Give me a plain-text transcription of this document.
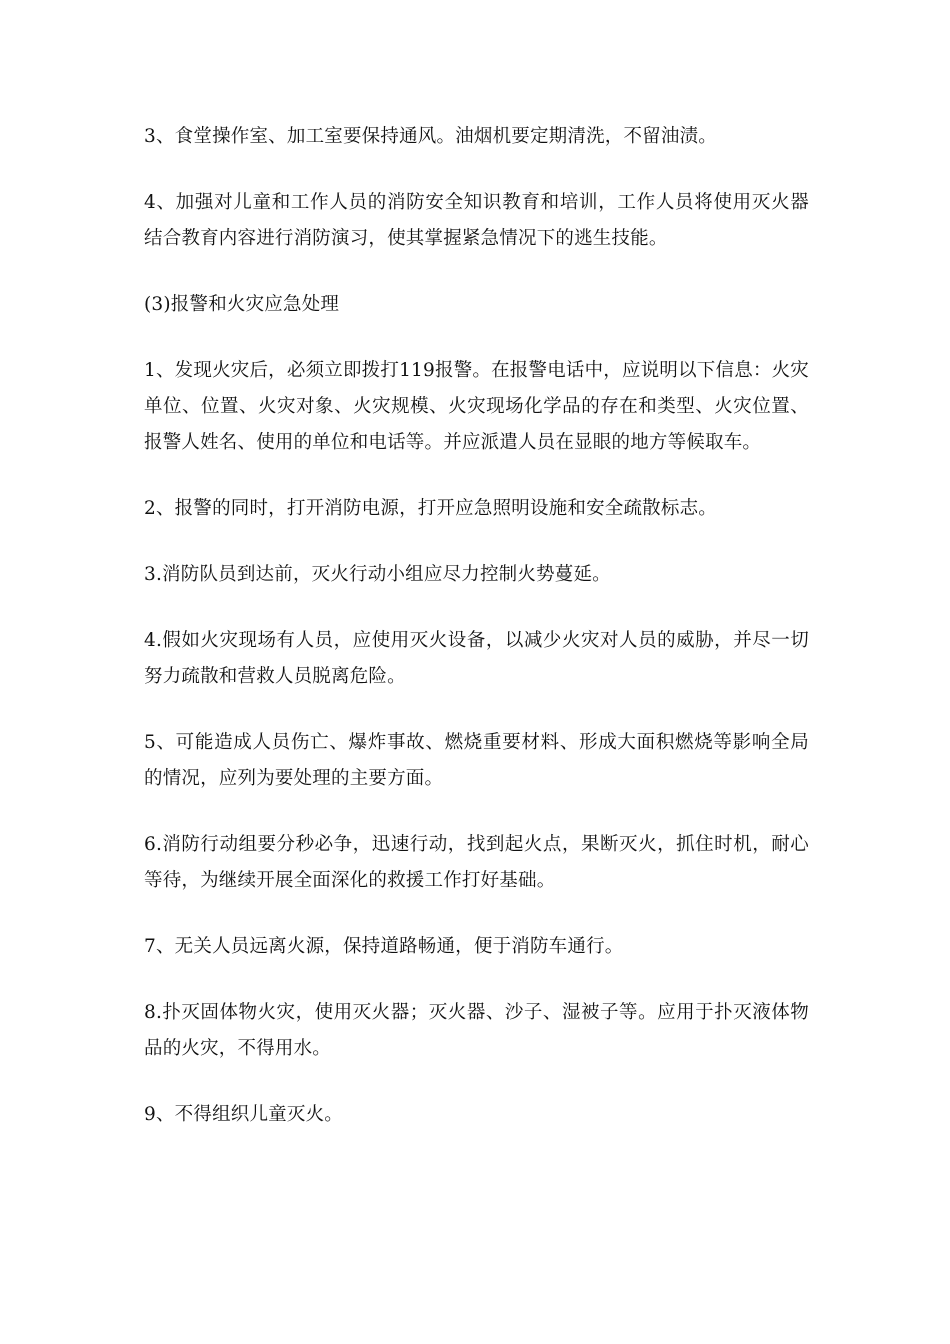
3、食堂操作室、加工室要保持通风。油烟机要定期清洗，不留油渍。

4、加强对儿童和工作人员的消防安全知识教育和培训，工作人员将使用灭火器结合教育内容进行消防演习，使其掌握紧急情况下的逃生技能。

(3)报警和火灾应急处理

1、发现火灾后，必须立即拨打119报警。在报警电话中，应说明以下信息：火灾单位、位置、火灾对象、火灾规模、火灾现场化学品的存在和类型、火灾位置、报警人姓名、使用的单位和电话等。并应派遣人员在显眼的地方等候取车。

2、报警的同时，打开消防电源，打开应急照明设施和安全疏散标志。

3.消防队员到达前，灭火行动小组应尽力控制火势蔓延。

4.假如火灾现场有人员，应使用灭火设备，以减少火灾对人员的威胁，并尽一切努力疏散和营救人员脱离危险。

5、可能造成人员伤亡、爆炸事故、燃烧重要材料、形成大面积燃烧等影响全局的情况，应列为要处理的主要方面。

6.消防行动组要分秒必争，迅速行动，找到起火点，果断灭火，抓住时机，耐心等待，为继续开展全面深化的救援工作打好基础。

7、无关人员远离火源，保持道路畅通，便于消防车通行。

8.扑灭固体物火灾，使用灭火器；灭火器、沙子、湿被子等。应用于扑灭液体物品的火灾，不得用水。

9、不得组织儿童灭火。
